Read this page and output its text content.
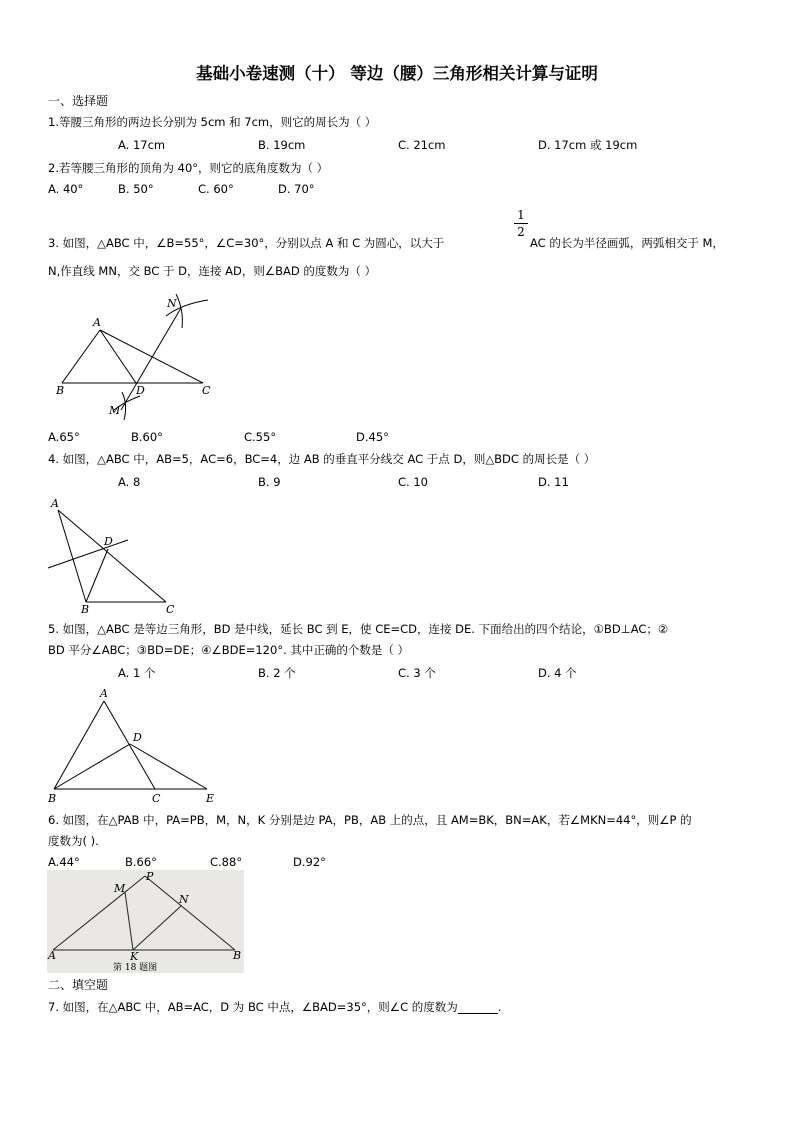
基础小卷速测（十） 等边（腰）三角形相关计算与证明
一、选择题
1.等腰三角形的两边长分别为 5cm 和 7cm，则它的周长为（ ）
A. 17cm	B. 19cm	C. 21cm	D. 17cm 或 19cm
2.若等腰三角形的顶角为 40°，则它的底角度数为（ ）
A. 40°	B. 50°	C. 60°	D. 70°
3. 如图，△ABC 中，∠B=55°，∠C=30°，分别以点 A 和 C 为圆心，以大于
1
2
AC 的长为半径画弧，两弧相交于 M，
N,作直线 MN，交 BC 于 D，连接 AD，则∠BAD 的度数为（ ）
A
B	C
D
M
N
A.65°	B.60°	C.55°	D.45°
4. 如图，△ABC 中，AB=5，AC=6，BC=4，边 AB 的垂直平分线交 AC 于点 D，则△BDC 的周长是（ ）
A. 8	B. 9	C. 10	D. 11
A
B	C
D
5. 如图，△ABC 是等边三角形，BD 是中线，延长 BC 到 E，使 CE=CD，连接 DE. 下面给出的四个结论，①BD⊥AC；②
BD 平分∠ABC；③BD=DE；④∠BDE=120°. 其中正确的个数是（ ）
A. 1 个	B. 2 个	C. 3 个	D. 4 个
A
B	C
D
E
6. 如图，在△PAB 中，PA=PB，M，N，K 分别是边 PA，PB，AB 上的点，且 AM=BK，BN=AK，若∠MKN=44°，则∠P 的
度数为( ).
A.44°	B.66°	C.88°	D.92°
P
M
N
A	K	B
第 18 题图
二、填空题
7. 如图，在△ABC 中，AB=AC，D 为 BC 中点，∠BAD=35°，则∠C 的度数为	.
